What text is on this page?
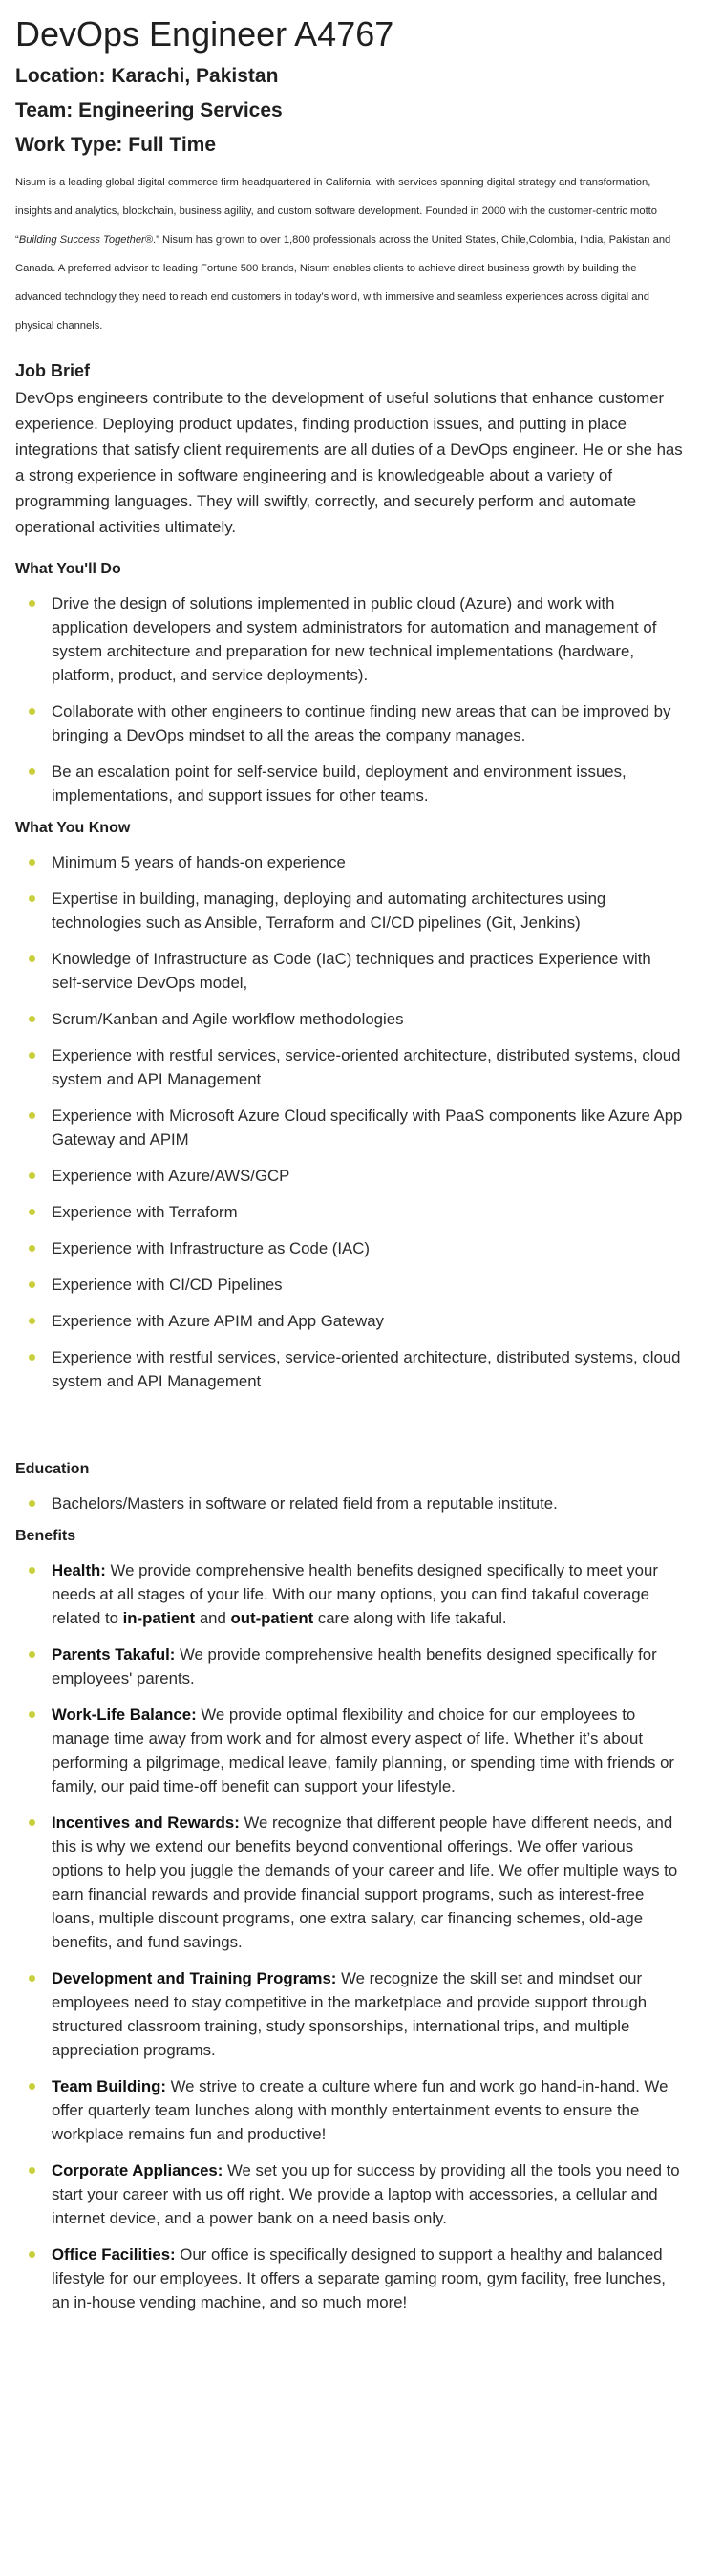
DevOps Engineer A4767

Location: Karachi, Pakistan

Team: Engineering Services

Work Type: Full Time

Nisum is a leading global digital commerce firm headquartered in California, with services spanning digital strategy and transformation, insights and analytics, blockchain, business agility, and custom software development. Founded in 2000 with the customer-centric motto “Building Success Together®.” Nisum has grown to over 1,800 professionals across the United States, Chile,Colombia, India, Pakistan and Canada. A preferred advisor to leading Fortune 500 brands, Nisum enables clients to achieve direct business growth by building the advanced technology they need to reach end customers in today’s world, with immersive and seamless experiences across digital and physical channels.

Job Brief

DevOps engineers contribute to the development of useful solutions that enhance customer experience. Deploying product updates, finding production issues, and putting in place integrations that satisfy client requirements are all duties of a DevOps engineer. He or she has a strong experience in software engineering and is knowledgeable about a variety of programming languages. They will swiftly, correctly, and securely perform and automate operational activities ultimately.

What You'll Do
Drive the design of solutions implemented in public cloud (Azure) and work with application developers and system administrators for automation and management of system architecture and preparation for new technical implementations (hardware, platform, product, and service deployments).
Collaborate with other engineers to continue finding new areas that can be improved by bringing a DevOps mindset to all the areas the company manages.
Be an escalation point for self-service build, deployment and environment issues, implementations, and support issues for other teams.
What You Know
Minimum 5 years of hands-on experience
Expertise in building, managing, deploying and automating architectures using technologies such as Ansible, Terraform and CI/CD pipelines (Git, Jenkins)
Knowledge of Infrastructure as Code (IaC) techniques and practices Experience with self-service DevOps model,
Scrum/Kanban and Agile workflow methodologies
Experience with restful services, service-oriented architecture, distributed systems, cloud system and API Management
Experience with Microsoft Azure Cloud specifically with PaaS components like Azure App Gateway and APIM
Experience with Azure/AWS/GCP
Experience with Terraform
Experience with Infrastructure as Code (IAC)
Experience with CI/CD Pipelines
Experience with Azure APIM and App Gateway
Experience with restful services, service-oriented architecture, distributed systems, cloud system and API Management
Education
Bachelors/Masters in software or related field from a reputable institute.
Benefits
Health: We provide comprehensive health benefits designed specifically to meet your needs at all stages of your life. With our many options, you can find takaful coverage related to in-patient and out-patient care along with life takaful.
Parents Takaful: We provide comprehensive health benefits designed specifically for employees' parents.
Work-Life Balance: We provide optimal flexibility and choice for our employees to manage time away from work and for almost every aspect of life. Whether it’s about performing a pilgrimage, medical leave, family planning, or spending time with friends or family, our paid time-off benefit can support your lifestyle.
Incentives and Rewards: We recognize that different people have different needs, and this is why we extend our benefits beyond conventional offerings. We offer various options to help you juggle the demands of your career and life. We offer multiple ways to earn financial rewards and provide financial support programs, such as interest-free loans, multiple discount programs, one extra salary, car financing schemes, old-age benefits, and fund savings.
Development and Training Programs: We recognize the skill set and mindset our employees need to stay competitive in the marketplace and provide support through structured classroom training, study sponsorships, international trips, and multiple appreciation programs.
Team Building: We strive to create a culture where fun and work go hand-in-hand. We offer quarterly team lunches along with monthly entertainment events to ensure the workplace remains fun and productive!
Corporate Appliances: We set you up for success by providing all the tools you need to start your career with us off right. We provide a laptop with accessories, a cellular and internet device, and a power bank on a need basis only.
Office Facilities: Our office is specifically designed to support a healthy and balanced lifestyle for our employees. It offers a separate gaming room, gym facility, free lunches, an in-house vending machine, and so much more!
